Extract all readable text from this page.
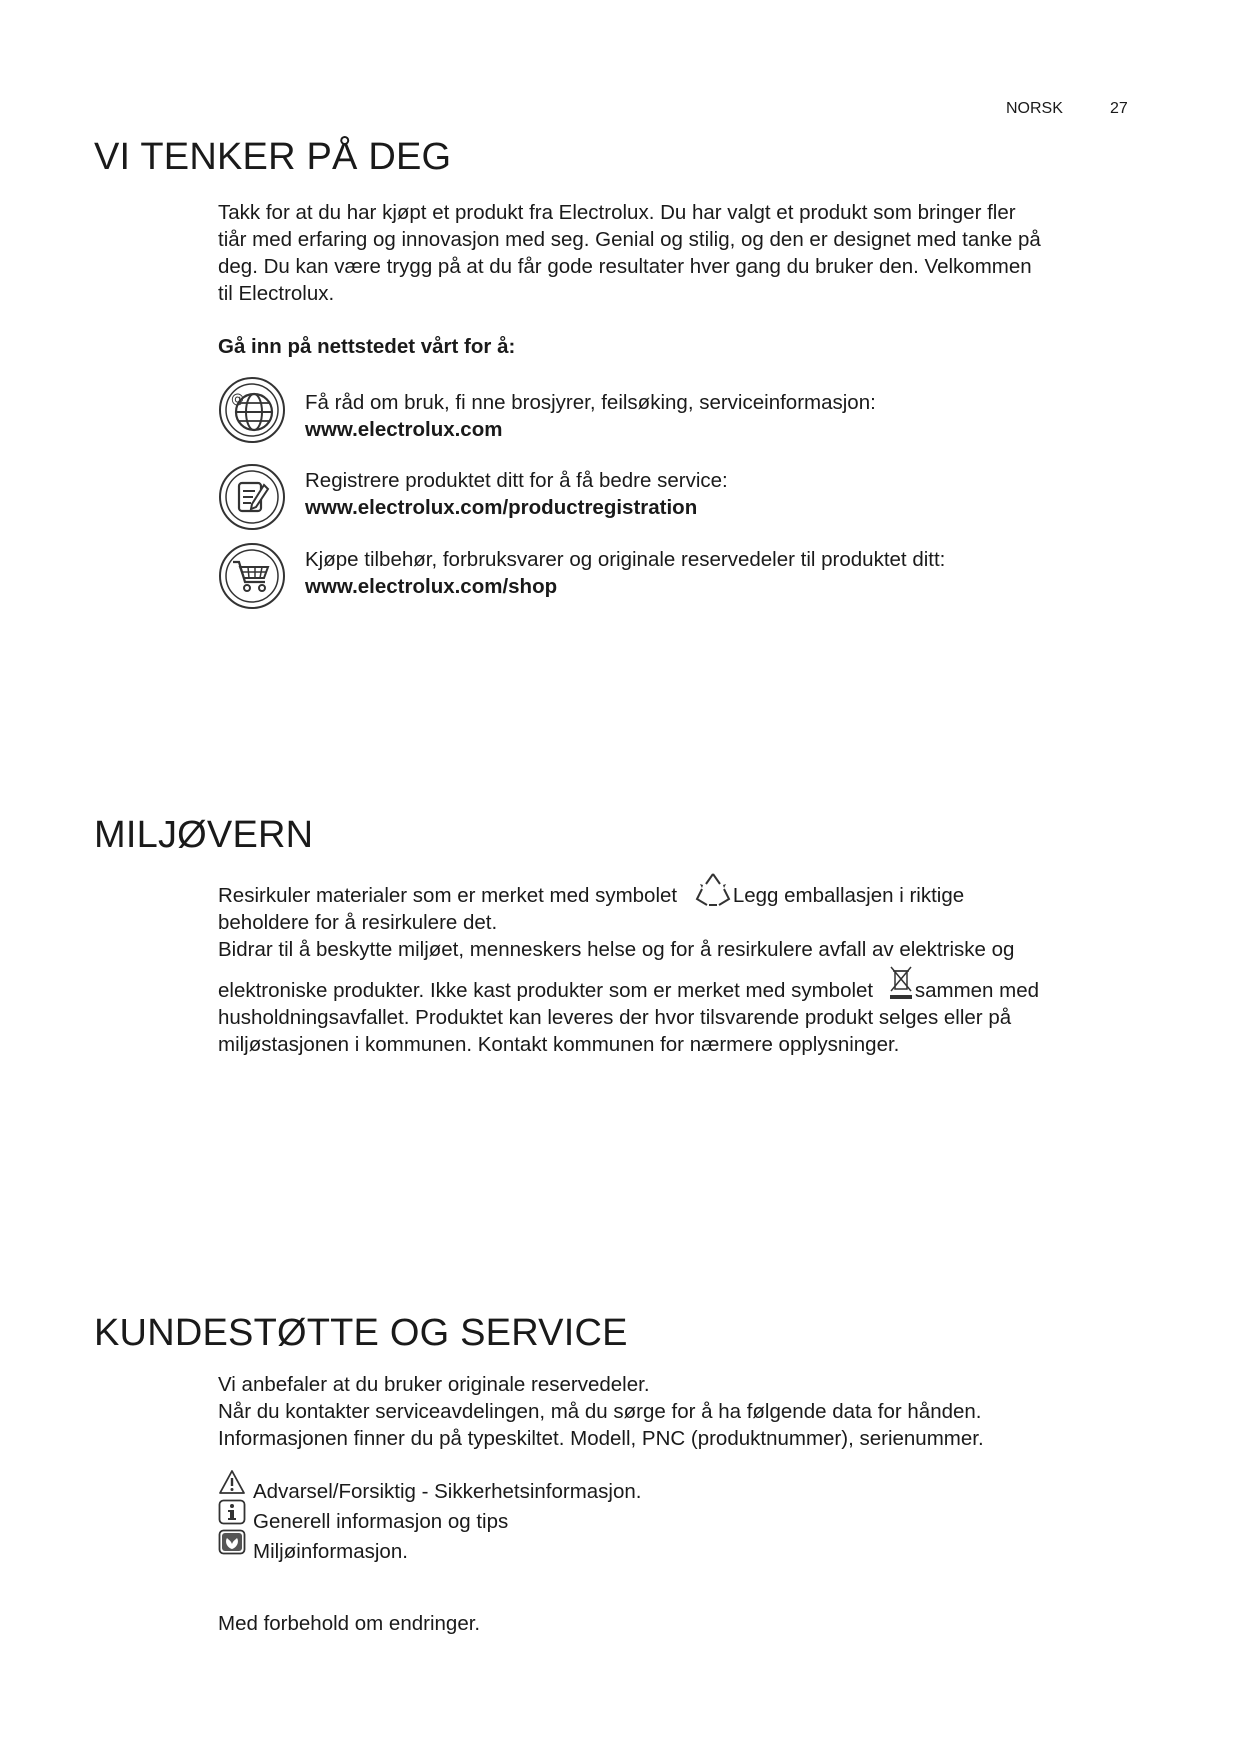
NORSK	27
VI TENKER PÅ DEG
Takk for at du har kjøpt et produkt fra Electrolux. Du har valgt et produkt som bringer fler
tiår med erfaring og innovasjon med seg. Genial og stilig, og den er designet med tanke på
deg. Du kan være trygg på at du får gode resultater hver gang du bruker den. Velkommen
til Electrolux.
Gå inn på nettstedet vårt for å:
@	Få råd om bruk, fi nne brosjyrer, feilsøking, serviceinformasjon:
www.electrolux.com
Registrere produktet ditt for å få bedre service:
www.electrolux.com/productregistration
Kjøpe tilbehør, forbruksvarer og originale reservedeler til produktet ditt:
www.electrolux.com/shop
MILJØVERN
Resirkuler materialer som er merket med symbolet	Legg emballasjen i riktige
beholdere for å resirkulere det.
Bidrar til å beskytte miljøet, menneskers helse og for å resirkulere avfall av elektriske og
elektroniske produkter. Ikke kast produkter som er merket med symbolet sammen med
husholdningsavfallet. Produktet kan leveres der hvor tilsvarende produkt selges eller på
miljøstasjonen i kommunen. Kontakt kommunen for nærmere opplysninger.
KUNDESTØTTE OG SERVICE
Vi anbefaler at du bruker originale reservedeler.
Når du kontakter serviceavdelingen, må du sørge for å ha følgende data for hånden.
Informasjonen finner du på typeskiltet. Modell, PNC (produktnummer), serienummer.
Advarsel/Forsiktig - Sikkerhetsinformasjon.
Generell informasjon og tips
Miljøinformasjon.
Med forbehold om endringer.
